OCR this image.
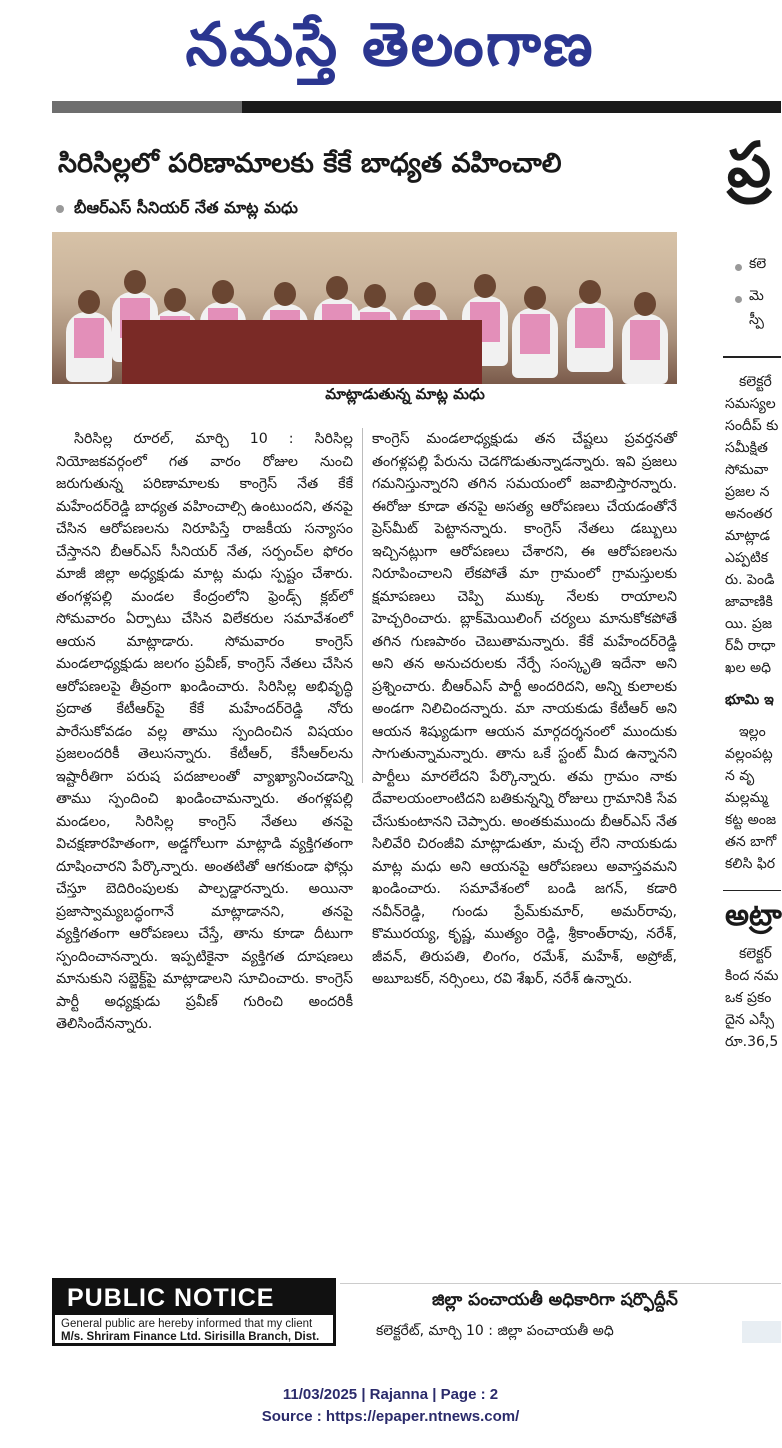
నమస్తే తెలంగాణ
సిరిసిల్లలో పరిణామాలకు కేకే బాధ్యత వహించాలి
బీఆర్ఎస్ సీనియర్ నేత మాట్ల మధు
మాట్లాడుతున్న మాట్ల మధు

సిరిసిల్ల రూరల్, మార్చి 10 : సిరిసిల్ల నియోజకవర్గంలో గత వారం రోజుల నుంచి జరుగుతున్న పరిణామాలకు కాంగ్రెస్ నేత కేకే మహేందర్‌రెడ్డి బాధ్యత వహించాల్సి ఉంటుందని, తనపై చేసిన ఆరోపణలను నిరూపిస్తే రాజకీయ సన్యాసం చేస్తానని బీఆర్ఎస్ సీనియర్ నేత, సర్పంచ్‌ల ఫోరం మాజీ జిల్లా అధ్యక్షుడు మాట్ల మధు స్పష్టం చేశారు. తంగళ్లపల్లి మండల కేంద్రంలోని ఫ్రెండ్స్ క్లబ్‌లో సోమవారం ఏర్పాటు చేసిన విలేకరుల సమావేశంలో ఆయన మాట్లాడారు. సోమవారం కాంగ్రెస్ మండలాధ్యక్షుడు జలగం ప్రవీణ్, కాంగ్రెస్ నేతలు చేసిన ఆరోపణలపై తీవ్రంగా ఖండించారు. సిరిసిల్ల అభివృద్ధి ప్రదాత కేటీఆర్‌పై కేకే మహేందర్‌రెడ్డి నోరు పారేసుకోవడం వల్ల తాము స్పందించిన విషయం ప్రజలందరికీ తెలుసన్నారు. కేటీఆర్, కేసీఆర్‌లను ఇష్టారీతిగా పరుష పదజాలంతో వ్యాఖ్యానించడాన్ని తాము స్పందించి ఖండించామన్నారు. తంగళ్లపల్లి మండలం, సిరిసిల్ల కాంగ్రెస్ నేతలు తనపై విచక్షణారహితంగా, అడ్డగోలుగా మాట్లాడి వ్యక్తిగతంగా దూషించారని పేర్కొన్నారు. అంతటితో ఆగకుండా ఫోన్లు చేస్తూ బెదిరింపులకు పాల్పడ్డారన్నారు. అయినా ప్రజాస్వామ్యబద్ధంగానే మాట్లాడానని, తనపై వ్యక్తిగతంగా ఆరోపణలు చేస్తే, తాను కూడా దీటుగా స్పందించానన్నారు. ఇప్పటికైనా వ్యక్తిగత దూషణలు మానుకుని సబ్జెక్ట్‌పై మాట్లాడాలని సూచించారు. కాంగ్రెస్ పార్టీ అధ్యక్షుడు ప్రవీణ్ గురించి అందరికీ తెలిసిందేనన్నారు.

కాంగ్రెస్ మండలాధ్యక్షుడు తన చేష్టలు ప్రవర్తనతో తంగళ్లపల్లి పేరును చెడగొడుతున్నాడన్నారు. ఇవి ప్రజలు గమనిస్తున్నారని తగిన సమయంలో జవాబిస్తారన్నారు. ఈరోజు కూడా తనపై అసత్య ఆరోపణలు చేయడంతోనే ప్రెస్‌మీట్ పెట్టానన్నారు. కాంగ్రెస్ నేతలు డబ్బులు ఇచ్చినట్లుగా ఆరోపణలు చేశారని, ఈ ఆరోపణలను నిరూపించాలని లేకపోతే మా గ్రామంలో గ్రామస్తులకు క్షమాపణలు చెప్పి ముక్కు నేలకు రాయాలని హెచ్చరించారు. బ్లాక్‌మెయిలింగ్ చర్యలు మానుకోకపోతే తగిన గుణపాఠం చెబుతామన్నారు. కేకే మహేందర్‌రెడ్డి అని తన అనుచరులకు నేర్పే సంస్కృతి ఇదేనా అని ప్రశ్నించారు. బీఆర్ఎస్ పార్టీ అందరిదని, అన్ని కులాలకు అండగా నిలిచిందన్నారు. మా నాయకుడు కేటీఆర్ అని ఆయన శిష్యుడుగా ఆయన మార్గదర్శనంలో ముందుకు సాగుతున్నామన్నారు. తాను ఒకే స్టంట్ మీద ఉన్నానని పార్టీలు మారలేదని పేర్కొన్నారు. తమ గ్రామం నాకు దేవాలయంలాంటిదని బతికున్నన్ని రోజులు గ్రామానికి సేవ చేసుకుంటానని చెప్పారు. అంతకుముందు బీఆర్ఎస్ నేత సిలివేరి చిరంజీవి మాట్లాడుతూ, మచ్చ లేని నాయకుడు మాట్ల మధు అని ఆయనపై ఆరోపణలు అవాస్తవమని ఖండించారు. సమావేశంలో బండి జగన్, కడారి నవీన్‌రెడ్డి, గుండు ప్రేమ్‌కుమార్, అమర్‌రావు, కొమురయ్య, కృష్ణ, ముత్యం రెడ్డి, శ్రీకాంత్‌రావు, నరేశ్, జీవన్, తిరుపతి, లింగం, రమేశ్, మహేశ్, అప్రోజ్, అబూబకర్, నర్సింలు, రవి శేఖర్, నరేశ్ ఉన్నారు.

ప్ర
కలె
మె
స్పీ
కలెక్టరే
సమస్యల
సందీప్ కు
సమీక్షిత
సోమవా
ప్రజల న
అనంతర
మాట్లాడ
ఎప్పటిక
రు. పెండి
జావాణికి
యి. ప్రజ
ర్‌వీ రాధా
ఖల అధి
భూమి ఇ
ఇల్లం
వల్లంపట్ల
న వృ
మల్లమ్మ
కట్ట అంజ
తన బాగో
కలిసి ఫిర
అట్రా
కలెక్టర్
కింద నమ
ఒక ప్రకం
దైన ఎస్సీ
రూ.36,5
PUBLIC NOTICE
General public are hereby informed that my client
M/s. Shriram Finance Ltd. Sirisilla Branch, Dist.
జిల్లా పంచాయతీ అధికారిగా షర్ఫొద్దీన్
కలెక్టరేట్, మార్చి 10 : జిల్లా పంచాయతీ అధి
11/03/2025 | Rajanna | Page : 2
Source : https://epaper.ntnews.com/
